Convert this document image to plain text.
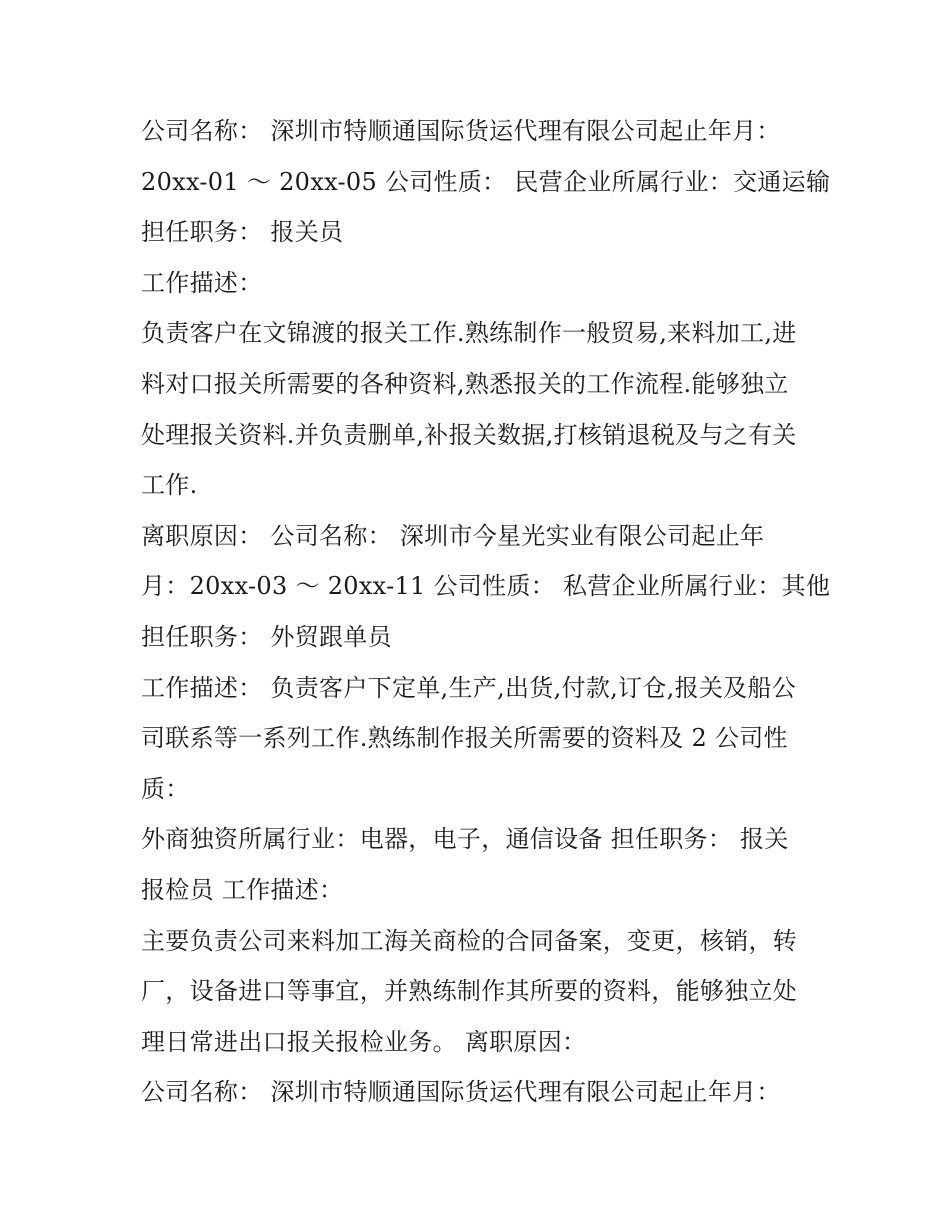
公司名称： 深圳市特顺通国际货运代理有限公司起止年月：
20xx-01 ～ 20xx-05 公司性质： 民营企业所属行业：交通运输
担任职务： 报关员
工作描述：
负责客户在文锦渡的报关工作.熟练制作一般贸易,来料加工,进
料对口报关所需要的各种资料,熟悉报关的工作流程.能够独立
处理报关资料.并负责删单,补报关数据,打核销退税及与之有关
工作.
离职原因： 公司名称： 深圳市今星光实业有限公司起止年
月：20xx-03 ～ 20xx-11 公司性质： 私营企业所属行业：其他
担任职务： 外贸跟单员
工作描述： 负责客户下定单,生产,出货,付款,订仓,报关及船公
司联系等一系列工作.熟练制作报关所需要的资料及 2 公司性
质：
外商独资所属行业：电器，电子，通信设备 担任职务： 报关
报检员 工作描述：
主要负责公司来料加工海关商检的合同备案，变更，核销，转
厂，设备进口等事宜，并熟练制作其所要的资料，能够独立处
理日常进出口报关报检业务。 离职原因：
公司名称： 深圳市特顺通国际货运代理有限公司起止年月：
